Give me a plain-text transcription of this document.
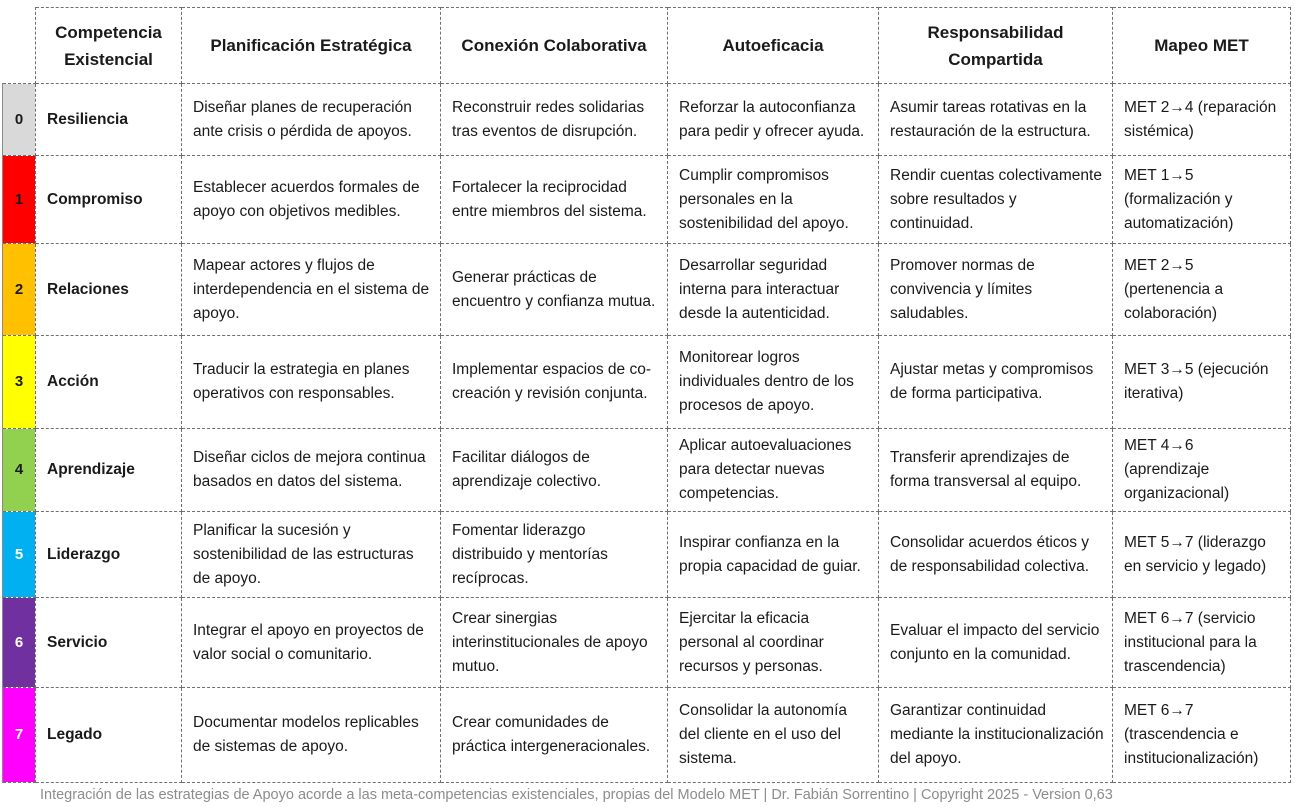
	Competencia Existencial	Planificación Estratégica	Conexión Colaborativa	Autoeficacia	Responsabilidad Compartida	Mapeo MET
0	Resiliencia	Diseñar planes de recuperación ante crisis o pérdida de apoyos.	Reconstruir redes solidarias tras eventos de disrupción.	Reforzar la autoconfianza para pedir y ofrecer ayuda.	Asumir tareas rotativas en la restauración de la estructura.	MET 2→4 (reparación sistémica)
1	Compromiso	Establecer acuerdos formales de apoyo con objetivos medibles.	Fortalecer la reciprocidad entre miembros del sistema.	Cumplir compromisos personales en la sostenibilidad del apoyo.	Rendir cuentas colectivamente sobre resultados y continuidad.	MET 1→5 (formalización y automatización)
2	Relaciones	Mapear actores y flujos de interdependencia en el sistema de apoyo.	Generar prácticas de encuentro y confianza mutua.	Desarrollar seguridad interna para interactuar desde la autenticidad.	Promover normas de convivencia y límites saludables.	MET 2→5 (pertenencia a colaboración)
3	Acción	Traducir la estrategia en planes operativos con responsables.	Implementar espacios de co-creación y revisión conjunta.	Monitorear logros individuales dentro de los procesos de apoyo.	Ajustar metas y compromisos de forma participativa.	MET 3→5 (ejecución iterativa)
4	Aprendizaje	Diseñar ciclos de mejora continua basados en datos del sistema.	Facilitar diálogos de aprendizaje colectivo.	Aplicar autoevaluaciones para detectar nuevas competencias.	Transferir aprendizajes de forma transversal al equipo.	MET 4→6 (aprendizaje organizacional)
5	Liderazgo	Planificar la sucesión y sostenibilidad de las estructuras de apoyo.	Fomentar liderazgo distribuido y mentorías recíprocas.	Inspirar confianza en la propia capacidad de guiar.	Consolidar acuerdos éticos y de responsabilidad colectiva.	MET 5→7 (liderazgo en servicio y legado)
6	Servicio	Integrar el apoyo en proyectos de valor social o comunitario.	Crear sinergias interinstitucionales de apoyo mutuo.	Ejercitar la eficacia personal al coordinar recursos y personas.	Evaluar el impacto del servicio conjunto en la comunidad.	MET 6→7 (servicio institucional para la trascendencia)
7	Legado	Documentar modelos replicables de sistemas de apoyo.	Crear comunidades de práctica intergeneracionales.	Consolidar la autonomía del cliente en el uso del sistema.	Garantizar continuidad mediante la institucionalización del apoyo.	MET 6→7 (trascendencia e institucionalización)
Integración de las estrategias de Apoyo acorde a las meta-competencias existenciales, propias del Modelo MET | Dr. Fabián Sorrentino | Copyright 2025 - Version 0,63
